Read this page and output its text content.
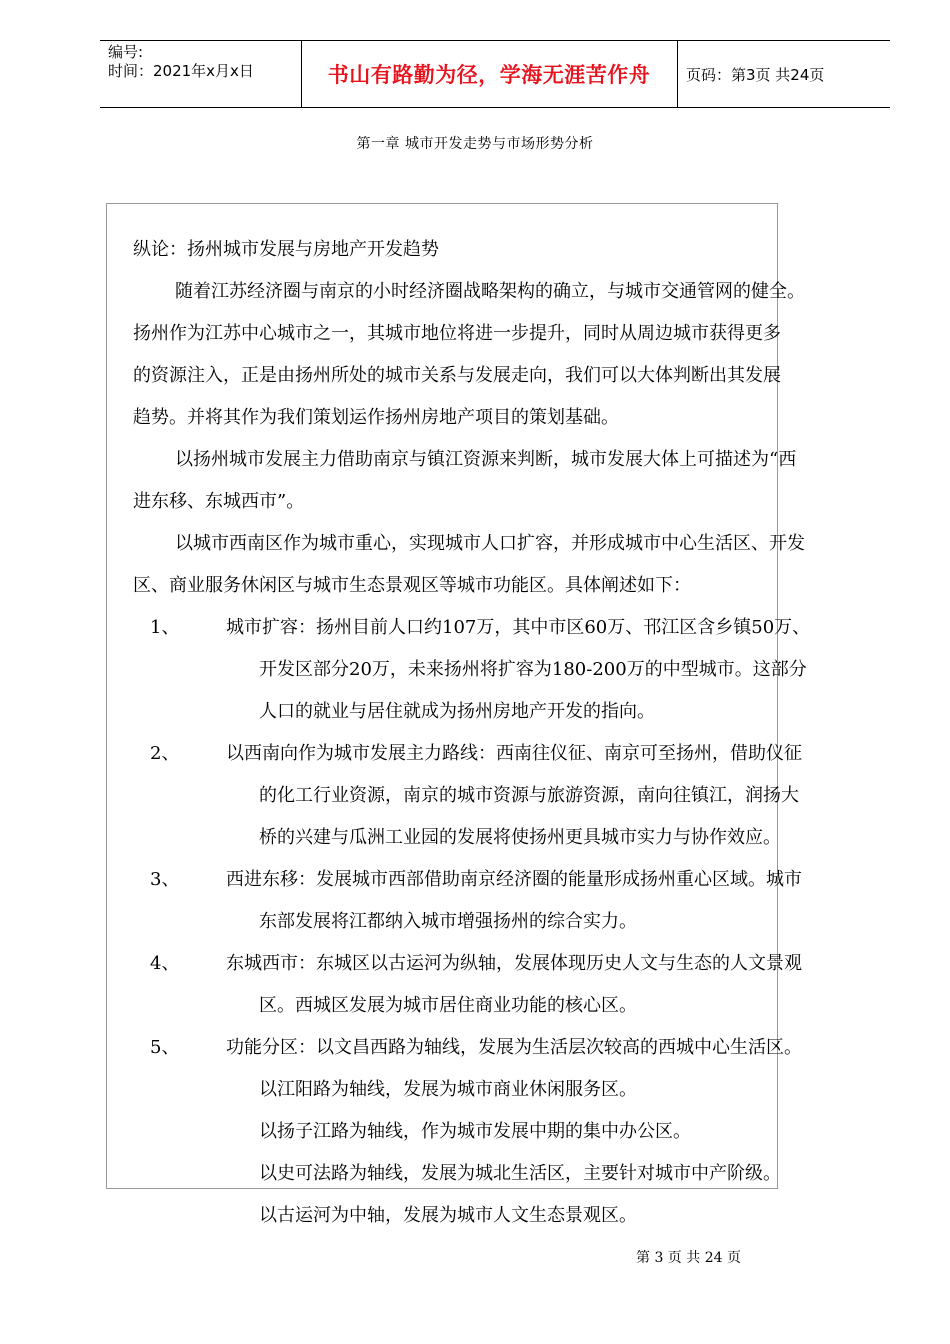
编号:
时间：2021年x月x日	书山有路勤为径，学海无涯苦作舟	页码：第3页 共24页
第一章 城市开发走势与市场形势分析
纵论：扬州城市发展与房地产开发趋势
随着江苏经济圈与南京的小时经济圈战略架构的确立，与城市交通管网的健全。
扬州作为江苏中心城市之一，其城市地位将进一步提升，同时从周边城市获得更多
的资源注入，正是由扬州所处的城市关系与发展走向，我们可以大体判断出其发展
趋势。并将其作为我们策划运作扬州房地产项目的策划基础。
以扬州城市发展主力借助南京与镇江资源来判断，城市发展大体上可描述为“西
进东移、东城西市”。
以城市西南区作为城市重心，实现城市人口扩容，并形成城市中心生活区、开发
区、商业服务休闲区与城市生态景观区等城市功能区。具体阐述如下：
1、	城市扩容：扬州目前人口约107万，其中市区60万、邗江区含乡镇50万、
开发区部分20万，未来扬州将扩容为180-200万的中型城市。这部分
人口的就业与居住就成为扬州房地产开发的指向。
2、	以西南向作为城市发展主力路线：西南往仪征、南京可至扬州，借助仪征
的化工行业资源，南京的城市资源与旅游资源，南向往镇江，润扬大
桥的兴建与瓜洲工业园的发展将使扬州更具城市实力与协作效应。
3、	西进东移：发展城市西部借助南京经济圈的能量形成扬州重心区域。城市
东部发展将江都纳入城市增强扬州的综合实力。
4、	东城西市：东城区以古运河为纵轴，发展体现历史人文与生态的人文景观
区。西城区发展为城市居住商业功能的核心区。
5、	功能分区：以文昌西路为轴线，发展为生活层次较高的西城中心生活区。
以江阳路为轴线，发展为城市商业休闲服务区。
以扬子江路为轴线，作为城市发展中期的集中办公区。
以史可法路为轴线，发展为城北生活区，主要针对城市中产阶级。
以古运河为中轴，发展为城市人文生态景观区。
第 3 页 共 24 页
